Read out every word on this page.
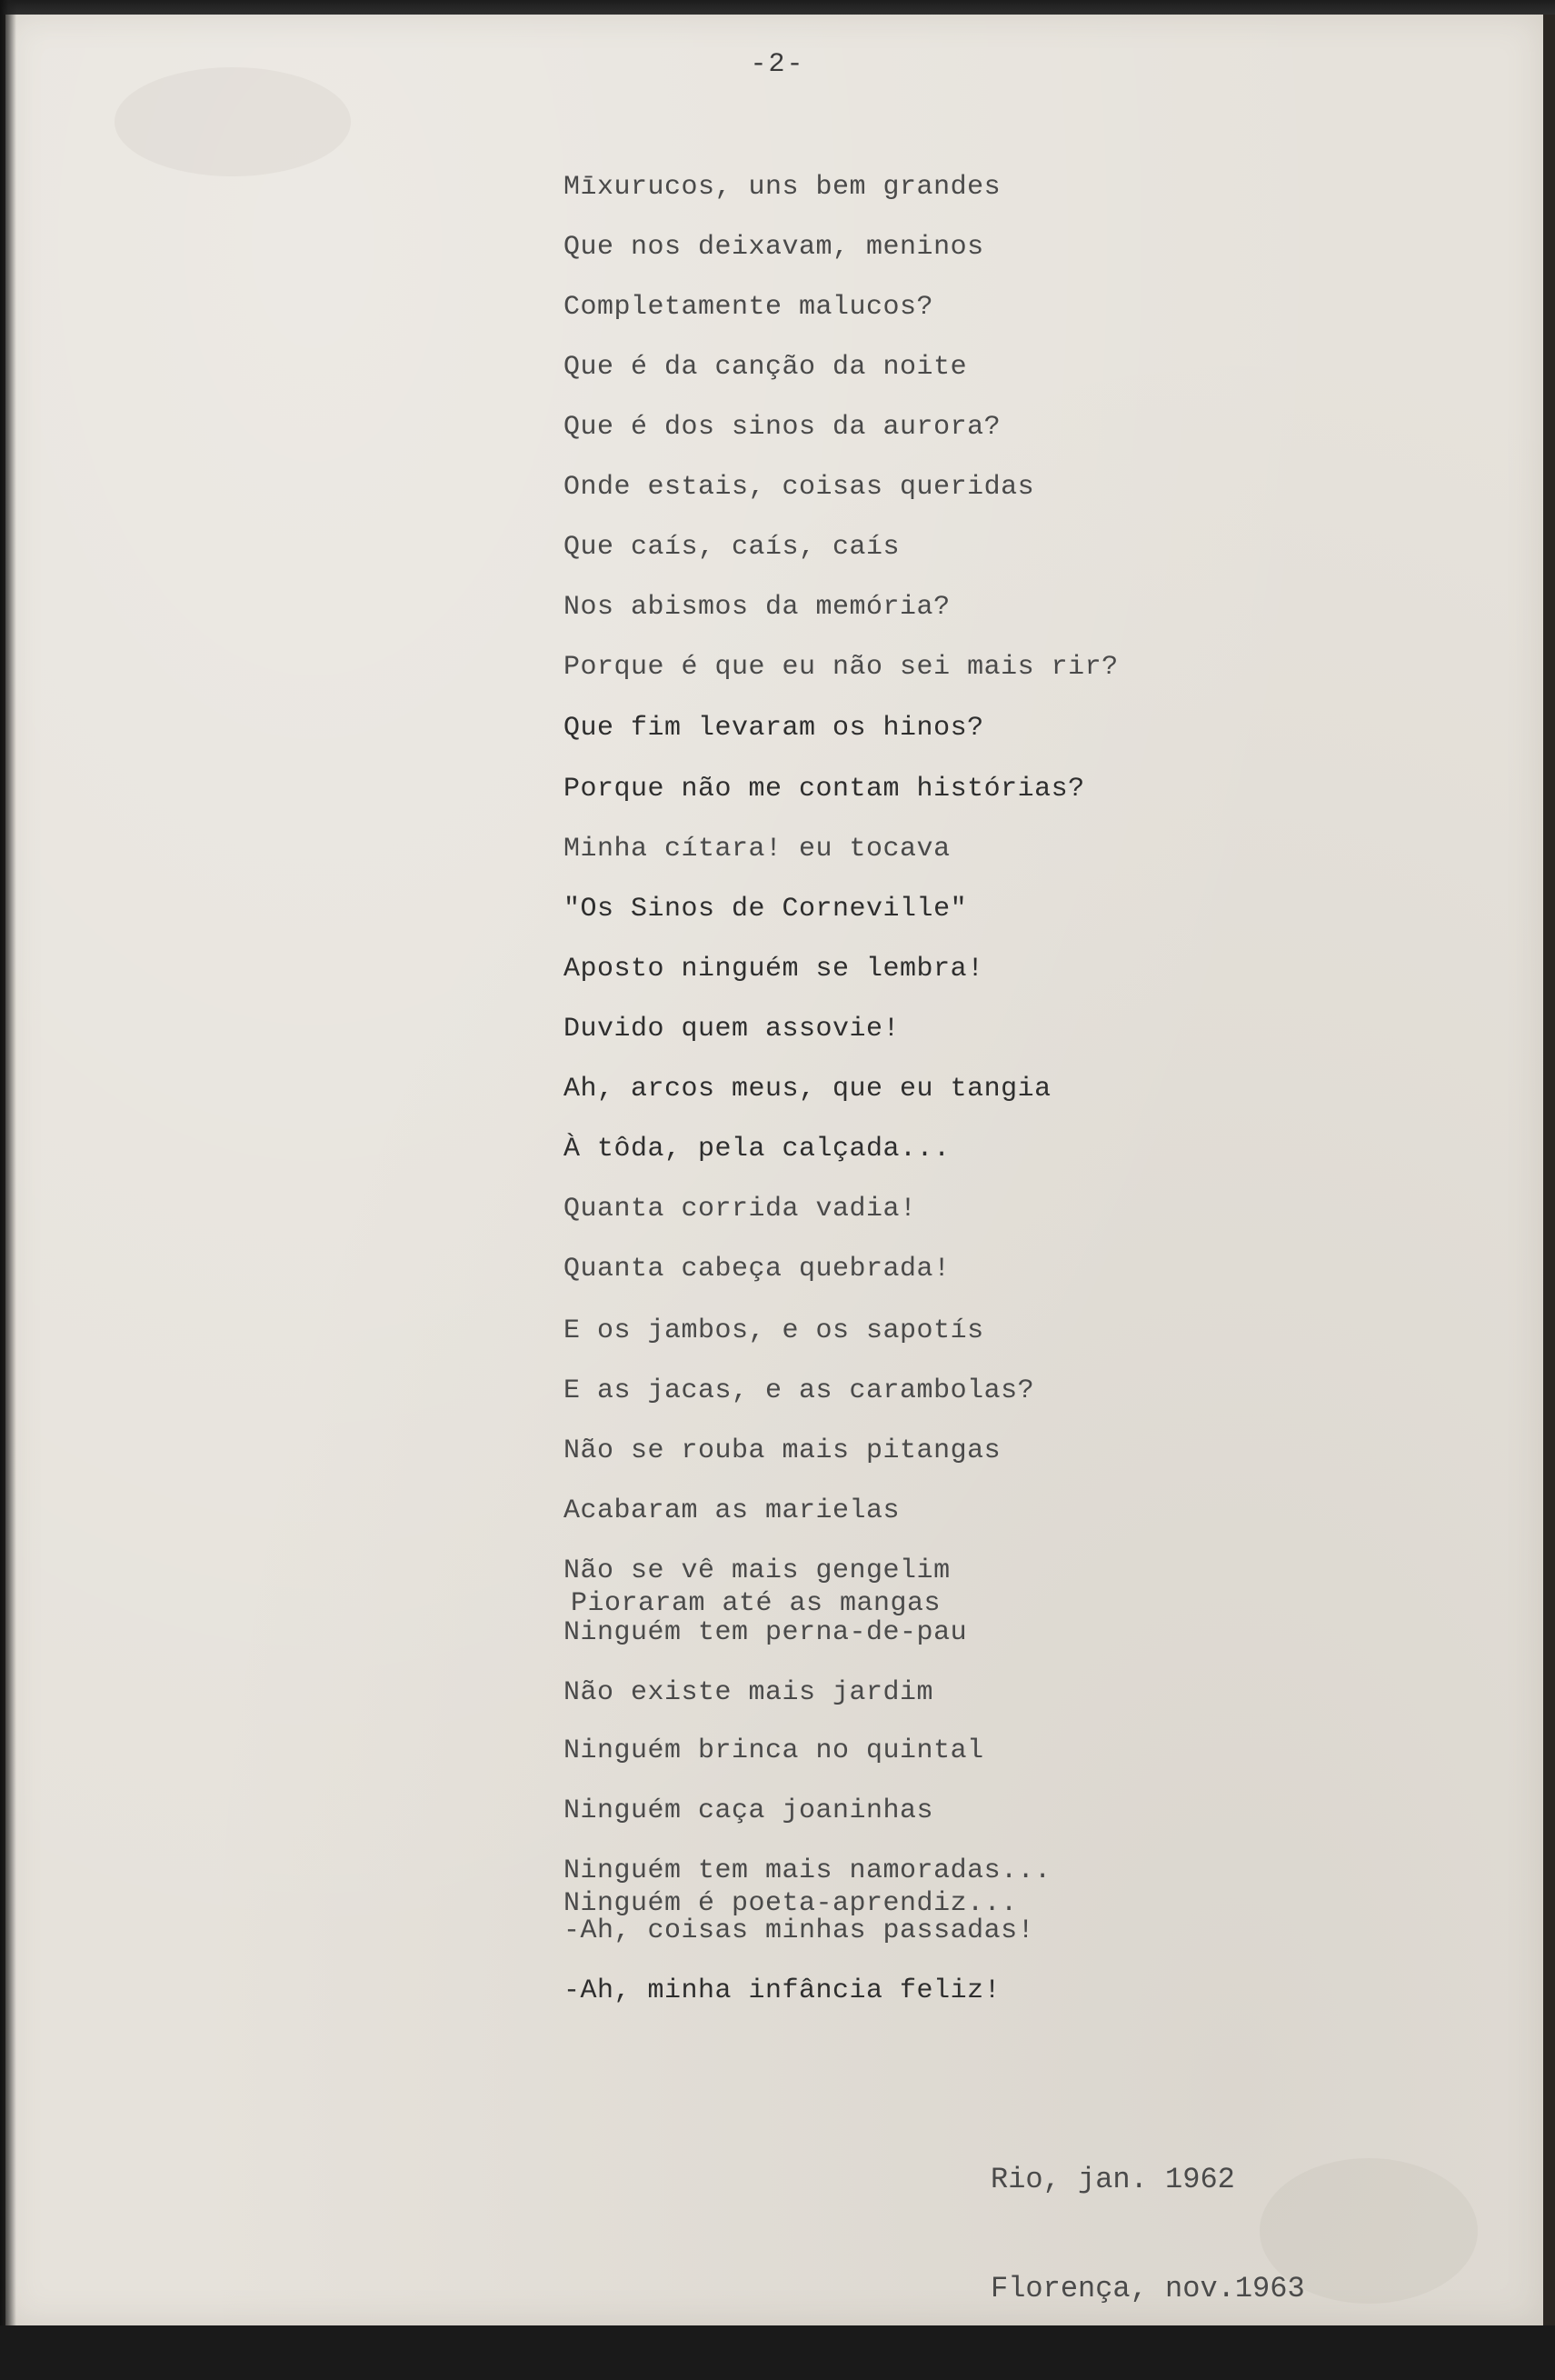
-2-
Mīxurucos, uns bem grandes
Que nos deixavam, meninos
Completamente malucos?
Que é da canção da noite
Que é dos sinos da aurora?
Onde estais, coisas queridas
Que caís, caís, caís
Nos abismos da memória?
Porque é que eu não sei mais rir?
Que fim levaram os hinos?
Porque não me contam histórias?
Minha cítara! eu tocava
"Os Sinos de Corneville"
Aposto ninguém se lembra!
Duvido quem assovie!
Ah, arcos meus, que eu tangia
À tôda, pela calçada...
Quanta corrida vadia!
Quanta cabeça quebrada!
E os jambos, e os sapotís
E as jacas, e as carambolas?
Não se rouba mais pitangas
Acabaram as marielas
Não se vê mais gengelim
Pioraram até as mangas
Ninguém tem perna-de-pau
Não existe mais jardim
Ninguém brinca no quintal
Ninguém caça joaninhas
Ninguém tem mais namoradas...
Ninguém é poeta-aprendiz...
-Ah, coisas minhas passadas!
-Ah, minha infância feliz!

Rio, jan. 1962

Florença, nov.1963
